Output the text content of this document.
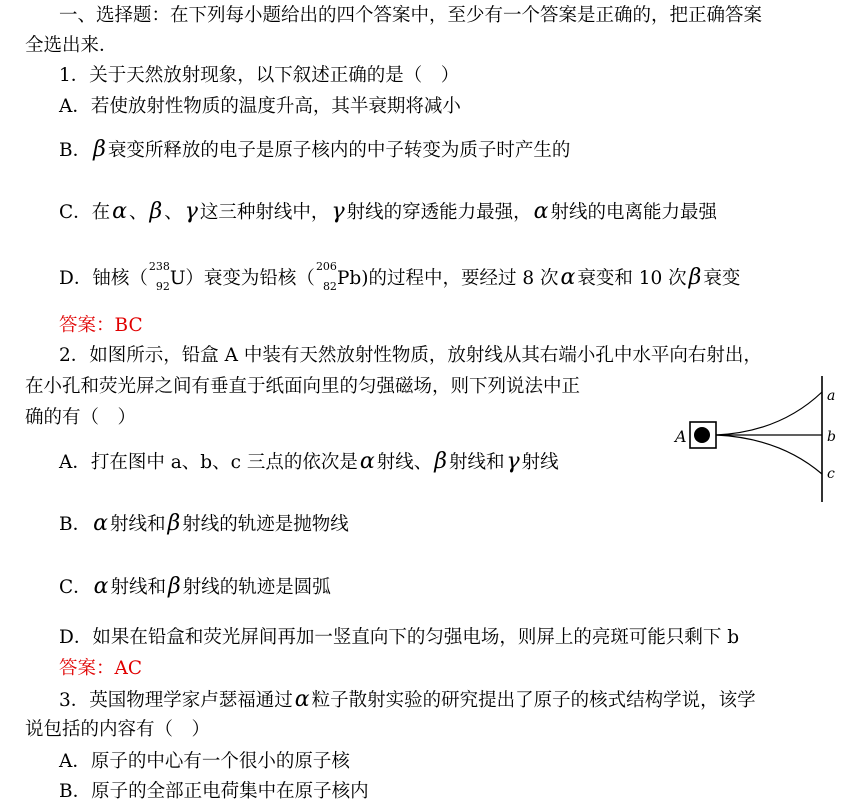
一、选择题：在下列每小题给出的四个答案中，至少有一个答案是正确的，把正确答案
全选出来．
1．关于天然放射现象，以下叙述正确的是（　）
A．若使放射性物质的温度升高，其半衰期将减小
B．β 衰变所释放的电子是原子核内的中子转变为质子时产生的
C．在α 、β 、γ 这三种射线中，γ 射线的穿透能力最强，α 射线的电离能力最强
D．铀核（
238
92 U）衰变为铅核（
206
82 Pb)的过程中，要经过 8 次α 衰变和 10 次β 衰变
答案：BC
2．如图所示，铅盒 A 中装有天然放射性物质，放射线从其右端小孔中水平向右射出，
在小孔和荧光屏之间有垂直于纸面向里的匀强磁场，则下列说法中正
确的有（　）
A．打在图中 a、b、c 三点的依次是α 射线、β 射线和γ 射线
B．α 射线和β 射线的轨迹是抛物线
C．α 射线和β 射线的轨迹是圆弧
D．如果在铅盒和荧光屏间再加一竖直向下的匀强电场，则屏上的亮斑可能只剩下 b
答案：AC
A
a
b
c
3．英国物理学家卢瑟福通过α 粒子散射实验的研究提出了原子的核式结构学说，该学
说包括的内容有（　）
A．原子的中心有一个很小的原子核
B．原子的全部正电荷集中在原子核内
